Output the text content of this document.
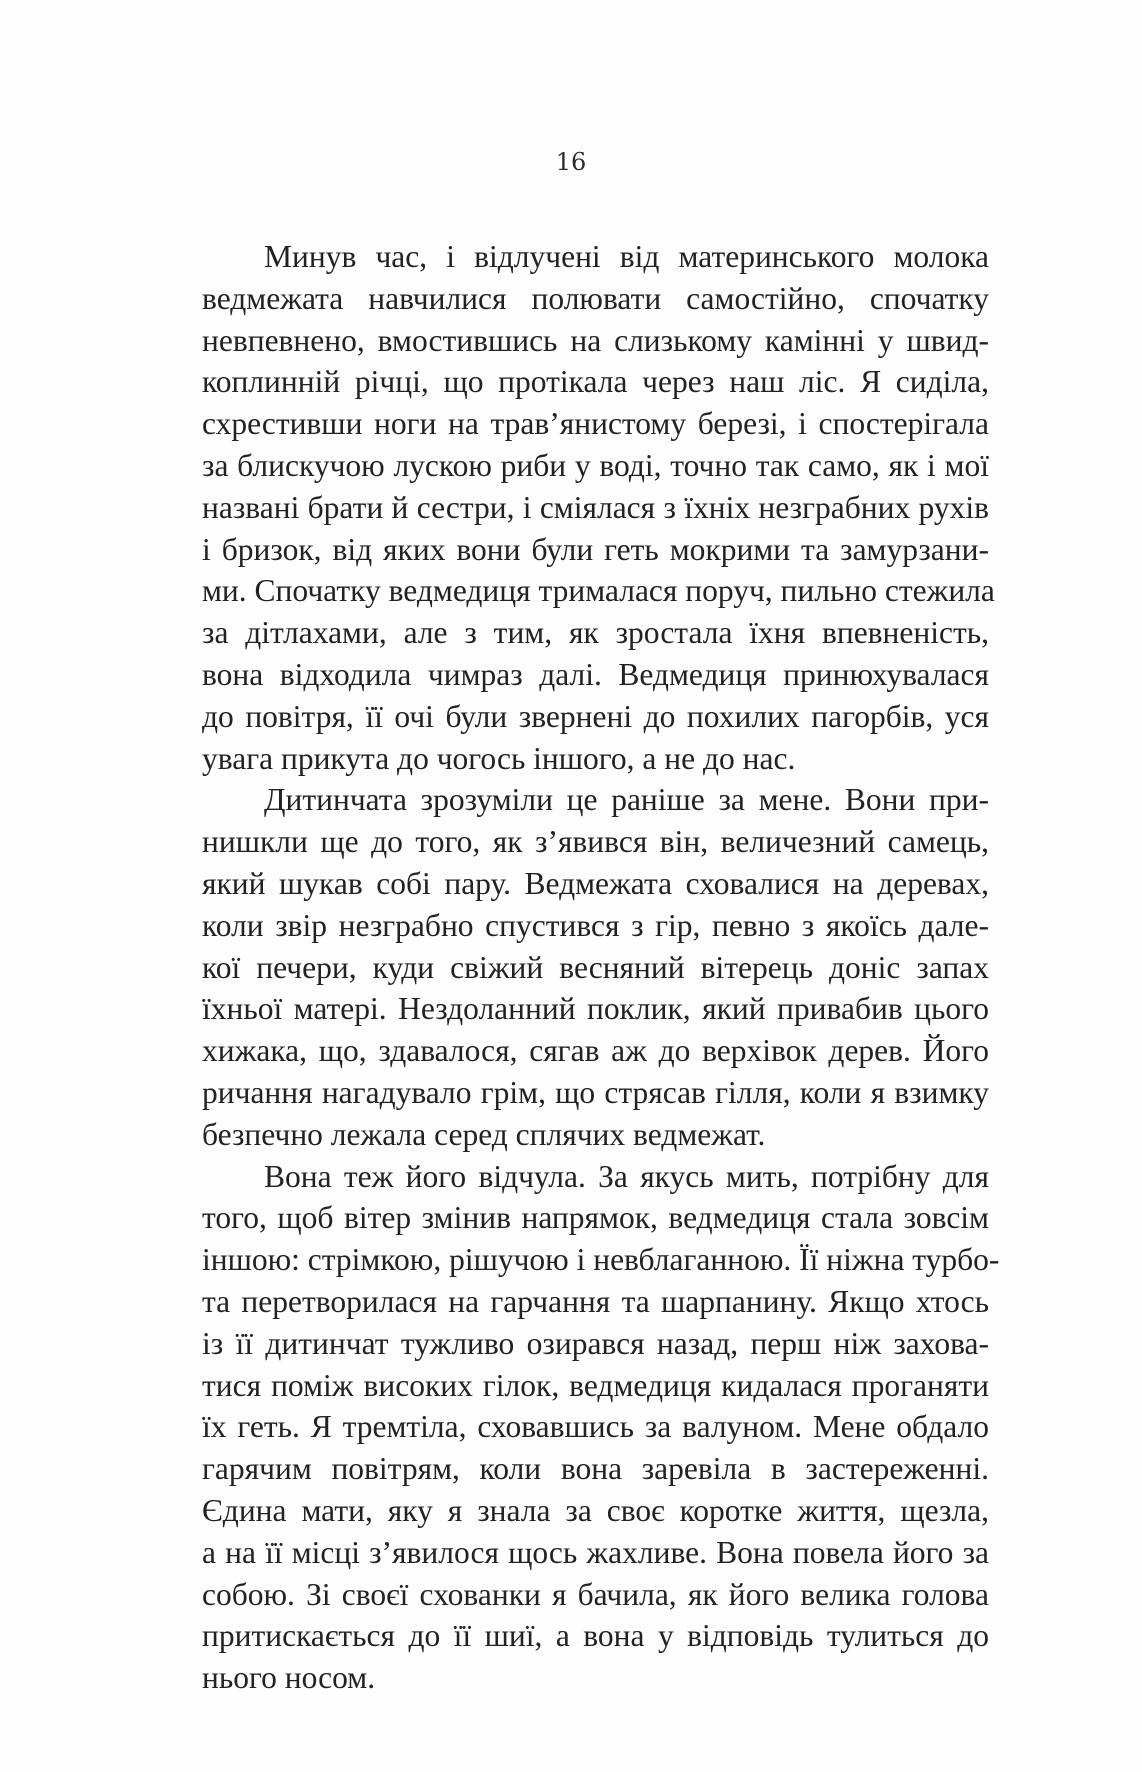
16
Минув час, і відлучені від материнського молока
ведмежата навчилися полювати самостійно, спочатку
невпевнено, вмостившись на слизькому камінні у швид-
коплинній річці, що протікала через наш ліс. Я сиділа,
схрестивши ноги на трав’янистому березі, і спостерігала
за блискучою лускою риби у воді, точно так само, як і мої
названі брати й сестри, і сміялася з їхніх незграбних рухів
і бризок, від яких вони були геть мокрими та замурзани-
ми. Спочатку ведмедиця трималася поруч, пильно стежила
за дітлахами, але з тим, як зростала їхня впевненість,
вона відходила чимраз далі. Ведмедиця принюхувалася
до повітря, її очі були звернені до похилих пагорбів, уся
увага прикута до чогось іншого, а не до нас.
Дитинчата зрозуміли це раніше за мене. Вони при-
нишкли ще до того, як з’явився він, величезний самець,
який шукав собі пару. Ведмежата сховалися на деревах,
коли звір незграбно спустився з гір, певно з якоїсь дале-
кої печери, куди свіжий весняний вітерець доніс запах
їхньої матері. Нездоланний поклик, який привабив цього
хижака, що, здавалося, сягав аж до верхівок дерев. Його
ричання нагадувало грім, що стрясав гілля, коли я взимку
безпечно лежала серед сплячих ведмежат.
Вона теж його відчула. За якусь мить, потрібну для
того, щоб вітер змінив напрямок, ведмедиця стала зовсім
іншою: стрімкою, рішучою і невблаганною. Її ніжна турбо-
та перетворилася на гарчання та шарпанину. Якщо хтось
із її дитинчат тужливо озирався назад, перш ніж захова-
тися поміж високих гілок, ведмедиця кидалася проганяти
їх геть. Я тремтіла, сховавшись за валуном. Мене обдало
гарячим повітрям, коли вона заревіла в застереженні.
Єдина мати, яку я знала за своє коротке життя, щезла,
а на її місці з’явилося щось жахливе. Вона повела його за
собою. Зі своєї схованки я бачила, як його велика голова
притискається до її шиї, а вона у відповідь тулиться до
нього носом.
